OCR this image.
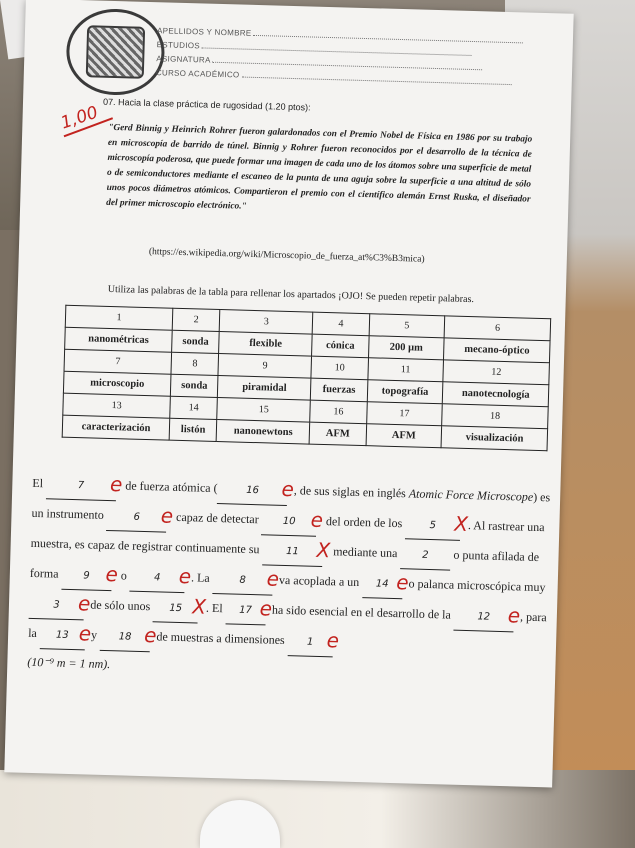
APELLIDOS Y NOMBRE
ESTUDIOS
ASIGNATURA
CURSO ACADÉMICO
07. Hacia la clase práctica de rugosidad (1.20 ptos):
1,00
"Gerd Binnig y Heinrich Rohrer fueron galardonados con el Premio Nobel de Física en 1986 por su trabajo en microscopía de barrido de túnel. Binnig y Rohrer fueron reconocidos por el desarrollo de la técnica de microscopía poderosa, que puede formar una imagen de cada uno de los átomos sobre una superficie de metal o de semiconductores mediante el escaneo de la punta de una aguja sobre la superficie a una altitud de sólo unos pocos diámetros atómicos. Compartieron el premio con el científico alemán Ernst Ruska, el diseñador del primer microscopio electrónico."
(https://es.wikipedia.org/wiki/Microscopio_de_fuerza_at%C3%B3mica)
Utiliza las palabras de la tabla para rellenar los apartados ¡OJO! Se pueden repetir palabras.
1	2	3	4	5	6
nanométricas	sonda	flexible	cónica	200 µm	mecano-óptico
7	8	9	10	11	12
microscopio	sonda	piramidal	fuerzas	topografía	nanotecnología
13	14	15	16	17	18
caracterización	listón	nanonewtons	AFM	AFM	visualización
El	7 e de fuerza atómica (	16 e, de sus siglas en inglés Atomic Force Microscope) es un instrumento	6 e capaz de detectar 10 e del orden de los	5 X. Al rastrear una muestra, es capaz de registrar continuamente su	11 X mediante una 2 o punta afilada de forma 9 e o	4 e. La	8 eva acoplada a un 14 eo palanca microscópica muy 3 ede sólo unos 15 X. El 17 eha sido esencial en el desarrollo de la	12 e, para la 13 ey 18 ede muestras a dimensiones 1 e
(10⁻⁹ m = 1 nm).
